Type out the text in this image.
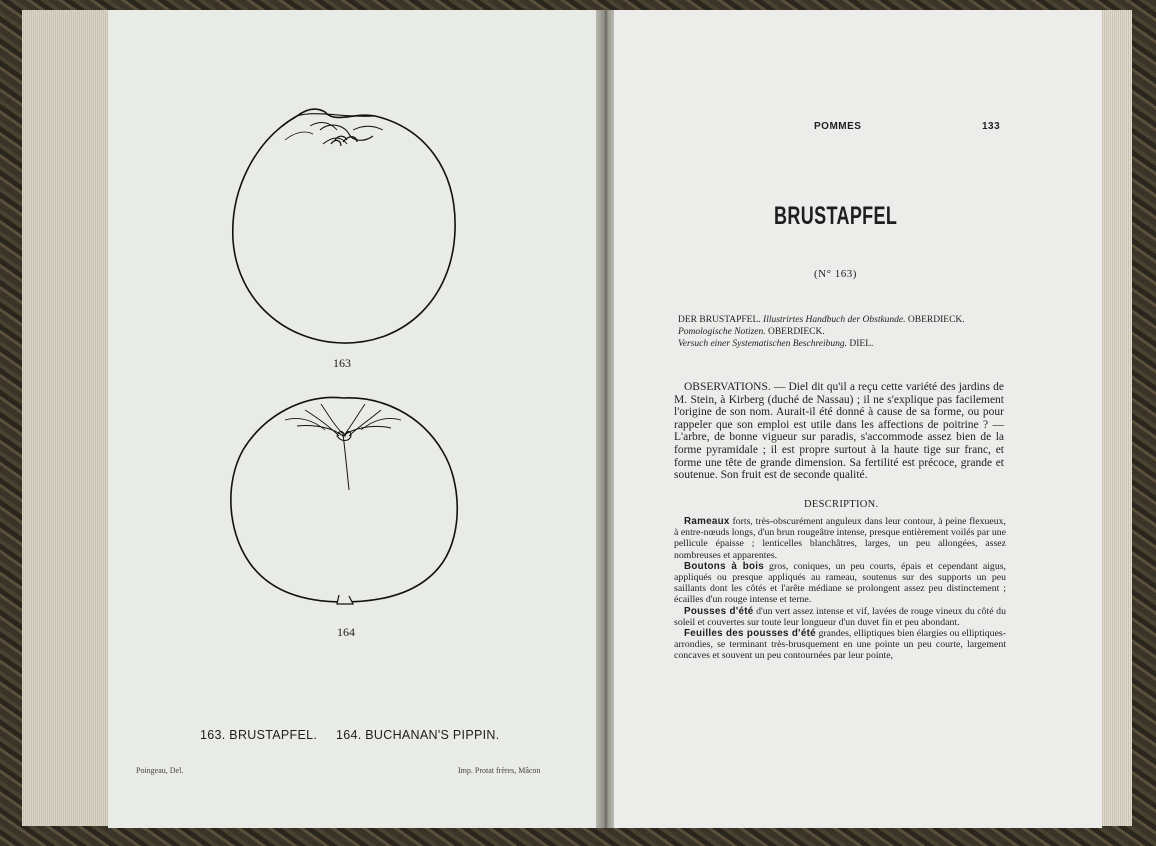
163
164
163. BRUSTAPFEL.     164. BUCHANAN'S PIPPIN.
Poingeau, Del.	Imp. Protat frères, Mâcon
POMMES	133
BRUSTAPFEL
(N° 163)

DER BRUSTAPFEL. Illustrirtes Handbuch der Obstkunde. OBERDIECK.

Pomologische Notizen. OBERDIECK.

Versuch einer Systematischen Beschreibung. DIEL.

OBSERVATIONS. — Diel dit qu'il a reçu cette variété des jardins de M. Stein, à Kirberg (duché de Nassau) ; il ne s'explique pas facilement l'origine de son nom. Aurait-il été donné à cause de sa forme, ou pour rappeler que son emploi est utile dans les affections de poitrine ? — L'arbre, de bonne vigueur sur paradis, s'accommode assez bien de la forme pyramidale ; il est propre surtout à la haute tige sur franc, et forme une tête de grande dimension. Sa fertilité est précoce, grande et soutenue. Son fruit est de seconde qualité.
DESCRIPTION.

Rameaux forts, très-obscurément anguleux dans leur contour, à peine flexueux, à entre-nœuds longs, d'un brun rougeâtre intense, presque entièrement voilés par une pellicule épaisse ; lenticelles blanchâtres, larges, un peu allongées, assez nombreuses et apparentes.

Boutons à bois gros, coniques, un peu courts, épais et cependant aigus, appliqués ou presque appliqués au rameau, soutenus sur des supports un peu saillants dont les côtés et l'arête médiane se prolongent assez peu distinctement ; écailles d'un rouge intense et terne.

Pousses d'été d'un vert assez intense et vif, lavées de rouge vineux du côté du soleil et couvertes sur toute leur longueur d'un duvet fin et peu abondant.

Feuilles des pousses d'été grandes, elliptiques bien élargies ou elliptiques-arrondies, se terminant très-brusquement en une pointe un peu courte, largement concaves et souvent un peu contournées par leur pointe,
